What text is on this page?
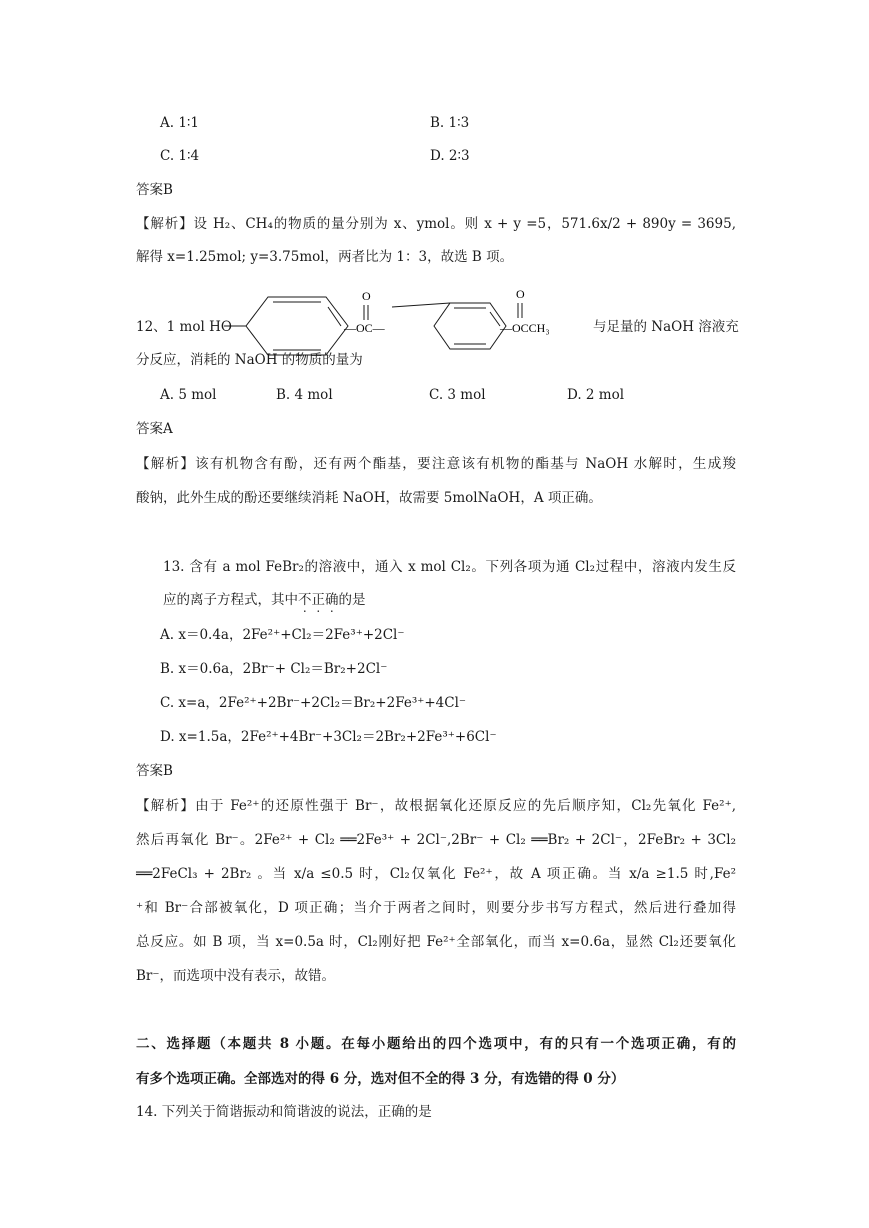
A. 1∶1	B. 1∶3
C. 1∶4	D. 2∶3
答案B
【解析】设 H₂、CH₄的物质的量分别为 x、ymol。则 x + y =5，571.6x/2 + 890y = 3695,
解得 x=1.25mol; y=3.75mol，两者比为 1：3，故选 B 项。
12、1 mol HO
O
—OC—
O
—OCCH₃	与足量的 NaOH 溶液充
分反应，消耗的 NaOH 的物质的量为
A. 5 mol	B. 4 mol	C. 3 mol	D. 2 mol
答案A
【解析】该有机物含有酚，还有两个酯基，要注意该有机物的酯基与 NaOH 水解时，生成羧
酸钠，此外生成的酚还要继续消耗 NaOH，故需要 5molNaOH，A 项正确。
13. 含有 a mol FeBr₂的溶液中，通入 x mol Cl₂。下列各项为通 Cl₂过程中，溶液内发生反
应的离子方程式，其中不正确的是
A. x＝0.4a，2Fe²⁺+Cl₂＝2Fe³⁺+2Cl⁻
B. x＝0.6a，2Br⁻+ Cl₂＝Br₂+2Cl⁻
C. x=a，2Fe²⁺+2Br⁻+2Cl₂＝Br₂+2Fe³⁺+4Cl⁻
D. x=1.5a，2Fe²⁺+4Br⁻+3Cl₂＝2Br₂+2Fe³⁺+6Cl⁻
答案B
【解析】由于 Fe²⁺的还原性强于 Br⁻，故根据氧化还原反应的先后顺序知，Cl₂先氧化 Fe²⁺,
然后再氧化 Br⁻。2Fe²⁺ + Cl₂ ══2Fe³⁺ + 2Cl⁻,2Br⁻ + Cl₂ ══Br₂ + 2Cl⁻，2FeBr₂ + 3Cl₂
══2FeCl₃ + 2Br₂ 。当 x/a ≤0.5 时，Cl₂仅氧化 Fe²⁺，故 A 项正确。当 x/a ≥1.5 时,Fe²
⁺和 Br⁻合部被氧化，D 项正确；当介于两者之间时，则要分步书写方程式，然后进行叠加得
总反应。如 B 项，当 x=0.5a 时，Cl₂刚好把 Fe²⁺全部氧化，而当 x=0.6a，显然 Cl₂还要氧化
Br⁻，而选项中没有表示，故错。
二、选择题（本题共 8 小题。在每小题给出的四个选项中，有的只有一个选项正确，有的
有多个选项正确。全部选对的得 6 分，选对但不全的得 3 分，有选错的得 0 分）
14. 下列关于简谐振动和简谐波的说法，正确的是
